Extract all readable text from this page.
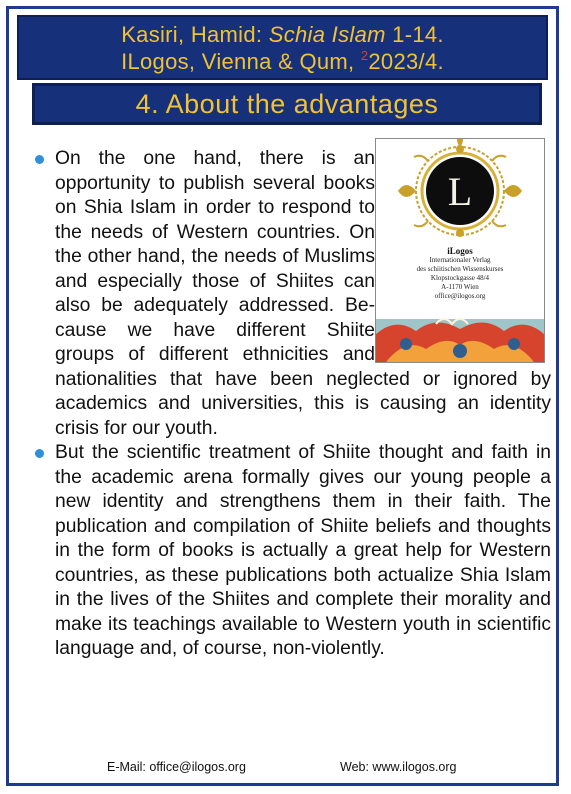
Kasiri, Hamid: Schia Islam 1-14.
ILogos, Vienna & Qum, $^2$2023/4.
4. About the advantages
L
iLogos
Internationaler Verlag
des schiitischen Wissenskurses
Klopstockgasse 48/4
A-1170 Wien
office@ilogos.org
On the one hand, there is an opportunity to publish several books on Shia Islam in order to respond to the needs of Western countries. On the other hand, the needs of Muslims and especially those of Shiites can also be adequately addressed. Because we have different Shiite groups of different ethnicities and nationalities that have been neglected or ignored by academics and universities, this is causing an identity crisis for our youth.
But the scientific treatment of Shiite thought and faith in the academic arena formally gives our young people a new identity and strengthens them in their faith. The publication and compilation of Shiite beliefs and thoughts in the form of books is actually a great help for Western countries, as these publications both actualize Shia Islam in the lives of the Shiites and complete their morality and make its teachings available to Western youth in scientific language and, of course, non-violently.
E-Mail: office@ilogos.org	Web: www.ilogos.org
